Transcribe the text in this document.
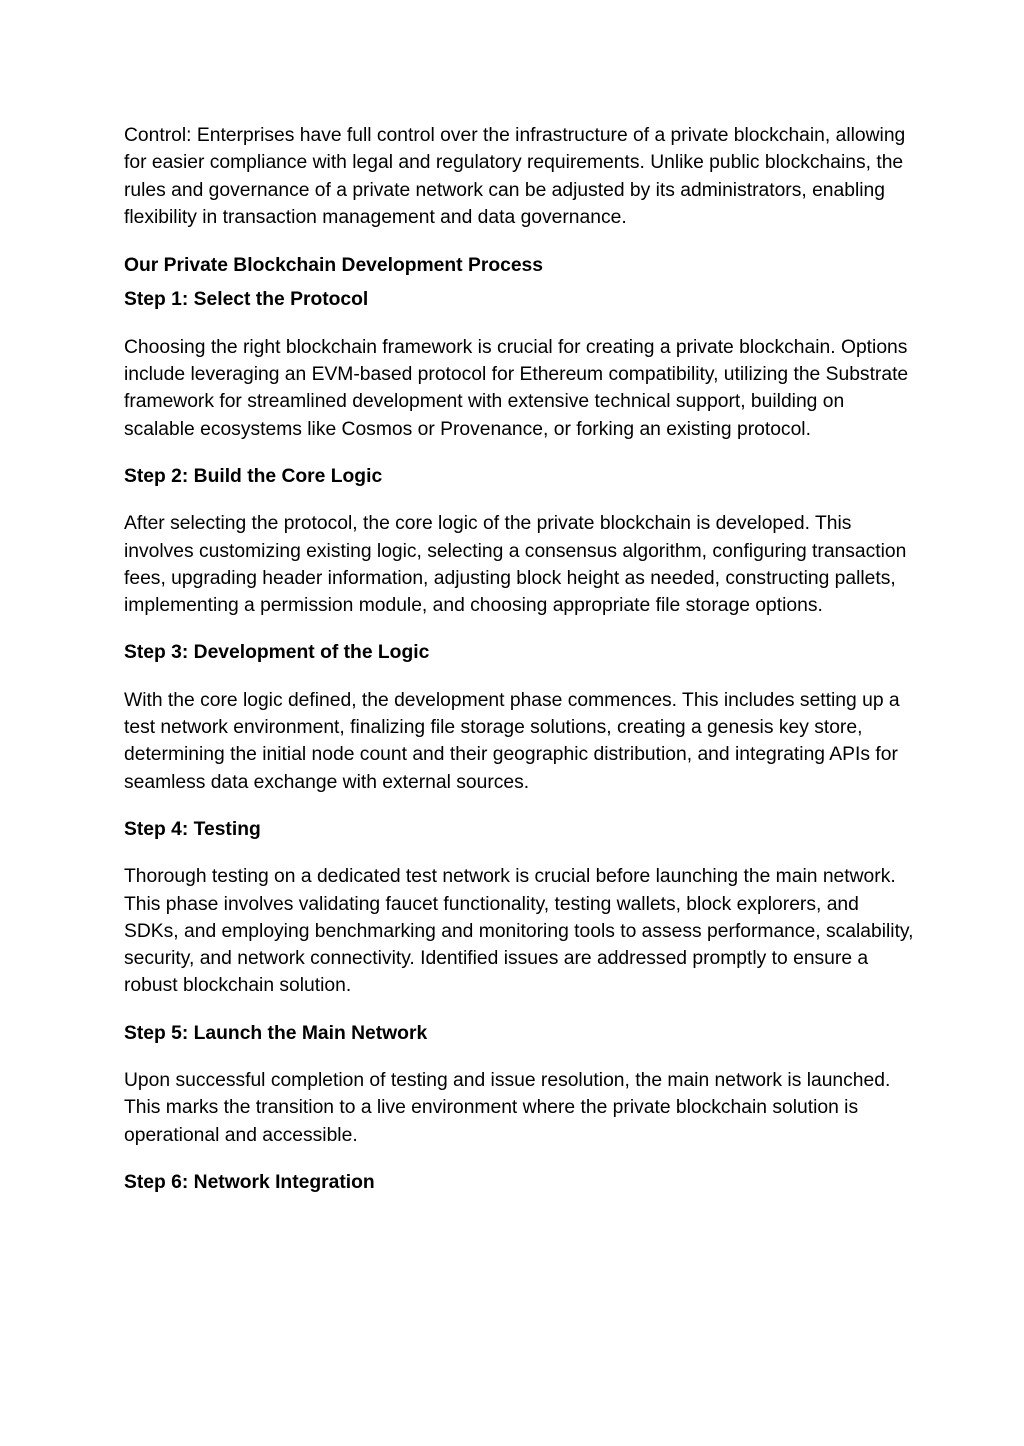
Control: Enterprises have full control over the infrastructure of a private blockchain, allowing for easier compliance with legal and regulatory requirements. Unlike public blockchains, the rules and governance of a private network can be adjusted by its administrators, enabling flexibility in transaction management and data governance.

Our Private Blockchain Development Process

Step 1: Select the Protocol

Choosing the right blockchain framework is crucial for creating a private blockchain. Options include leveraging an EVM-based protocol for Ethereum compatibility, utilizing the Substrate framework for streamlined development with extensive technical support, building on scalable ecosystems like Cosmos or Provenance, or forking an existing protocol.

Step 2: Build the Core Logic

After selecting the protocol, the core logic of the private blockchain is developed. This involves customizing existing logic, selecting a consensus algorithm, configuring transaction fees, upgrading header information, adjusting block height as needed, constructing pallets, implementing a permission module, and choosing appropriate file storage options.

Step 3: Development of the Logic

With the core logic defined, the development phase commences. This includes setting up a test network environment, finalizing file storage solutions, creating a genesis key store, determining the initial node count and their geographic distribution, and integrating APIs for seamless data exchange with external sources.

Step 4: Testing

Thorough testing on a dedicated test network is crucial before launching the main network. This phase involves validating faucet functionality, testing wallets, block explorers, and SDKs, and employing benchmarking and monitoring tools to assess performance, scalability, security, and network connectivity. Identified issues are addressed promptly to ensure a robust blockchain solution.

Step 5: Launch the Main Network

Upon successful completion of testing and issue resolution, the main network is launched. This marks the transition to a live environment where the private blockchain solution is operational and accessible.

Step 6: Network Integration
